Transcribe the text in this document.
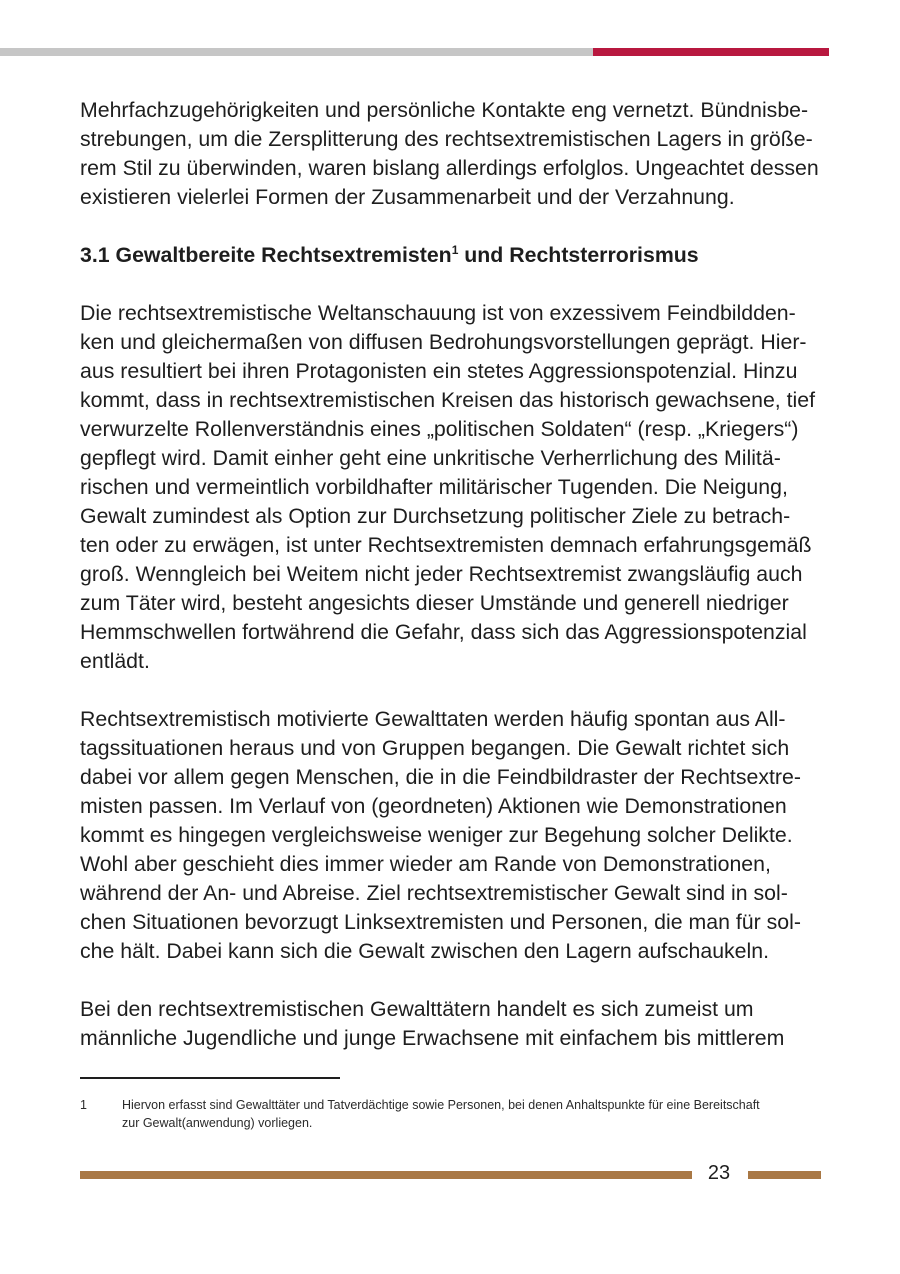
Mehrfachzugehörigkeiten und persönliche Kontakte eng vernetzt. Bündnisbe-
strebungen, um die Zersplitterung des rechtsextremistischen Lagers in größe-
rem Stil zu überwinden, waren bislang allerdings erfolglos. Ungeachtet dessen
existieren vielerlei Formen der Zusammenarbeit und der Verzahnung.

3.1 Gewaltbereite Rechtsextremisten$^1$ und Rechtsterrorismus

Die rechtsextremistische Weltanschauung ist von exzessivem Feindbildden-
ken und gleichermaßen von diffusen Bedrohungsvorstellungen geprägt. Hier-
aus resultiert bei ihren Protagonisten ein stetes Aggressionspotenzial. Hinzu
kommt, dass in rechtsextremistischen Kreisen das historisch gewachsene, tief
verwurzelte Rollenverständnis eines „politischen Soldaten“ (resp. „Kriegers“)
gepflegt wird. Damit einher geht eine unkritische Verherrlichung des Militä-
rischen und vermeintlich vorbildhafter militärischer Tugenden. Die Neigung,
Gewalt zumindest als Option zur Durchsetzung politischer Ziele zu betrach-
ten oder zu erwägen, ist unter Rechtsextremisten demnach erfahrungsgemäß
groß. Wenngleich bei Weitem nicht jeder Rechtsextremist zwangsläufig auch
zum Täter wird, besteht angesichts dieser Umstände und generell niedriger
Hemmschwellen fortwährend die Gefahr, dass sich das Aggressionspotenzial
entlädt.

Rechtsextremistisch motivierte Gewalttaten werden häufig spontan aus All-
tagssituationen heraus und von Gruppen begangen. Die Gewalt richtet sich
dabei vor allem gegen Menschen, die in die Feindbildraster der Rechtsextre-
misten passen. Im Verlauf von (geordneten) Aktionen wie Demonstrationen
kommt es hingegen vergleichsweise weniger zur Begehung solcher Delikte.
Wohl aber geschieht dies immer wieder am Rande von Demonstrationen,
während der An- und Abreise. Ziel rechtsextremistischer Gewalt sind in sol-
chen Situationen bevorzugt Linksextremisten und Personen, die man für sol-
che hält. Dabei kann sich die Gewalt zwischen den Lagern aufschaukeln.

Bei den rechtsextremistischen Gewalttätern handelt es sich zumeist um
männliche Jugendliche und junge Erwachsene mit einfachem bis mittlerem

1	Hiervon erfasst sind Gewalttäter und Tatverdächtige sowie Personen, bei denen Anhaltspunkte für eine Bereitschaft
zur Gewalt(anwendung) vorliegen.
23
